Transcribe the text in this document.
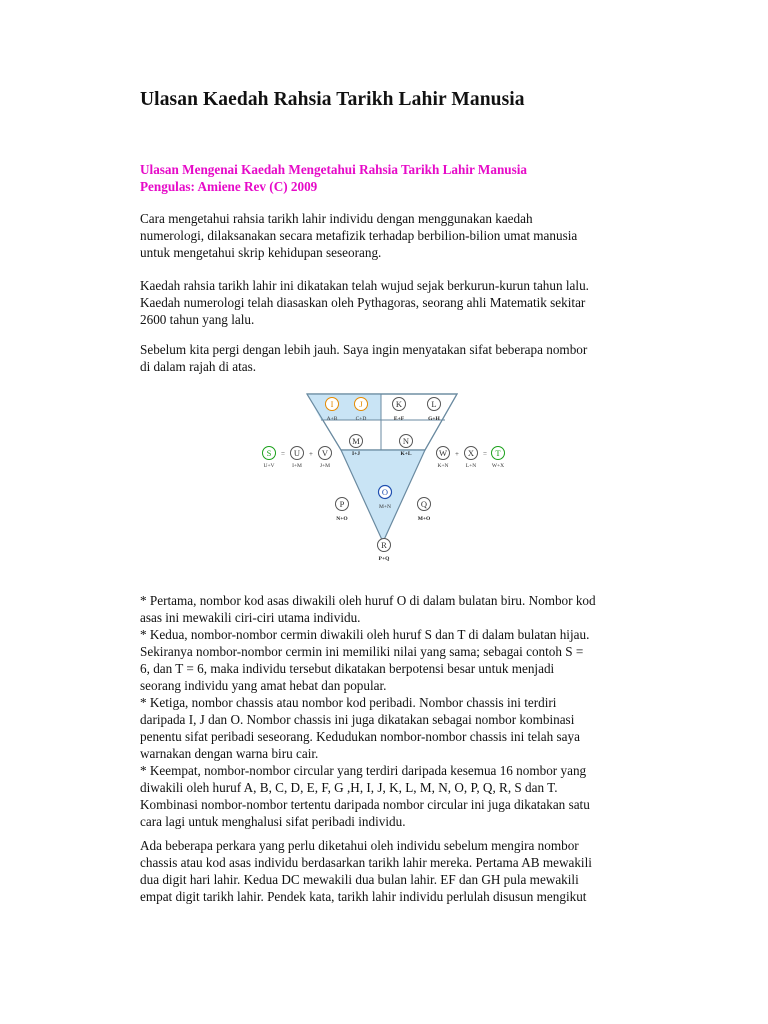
Ulasan Kaedah Rahsia Tarikh Lahir Manusia

Ulasan Mengenai Kaedah Mengetahui Rahsia Tarikh Lahir Manusia
Pengulas: Amiene Rev (C) 2009

Cara mengetahui rahsia tarikh lahir individu dengan menggunakan kaedah
numerologi, dilaksanakan secara metafizik terhadap berbilion-bilion umat manusia
untuk mengetahui skrip kehidupan seseorang.

Kaedah rahsia tarikh lahir ini dikatakan telah wujud sejak berkurun-kurun tahun lalu.
Kaedah numerologi telah diasaskan oleh Pythagoras, seorang ahli Matematik sekitar
2600 tahun yang lalu.

Sebelum kita pergi dengan lebih jauh. Saya ingin menyatakan sifat beberapa nombor
di dalam rajah di atas.

* Pertama, nombor kod asas diwakili oleh huruf O di dalam bulatan biru. Nombor kod
asas ini mewakili ciri-ciri utama individu.
* Kedua, nombor-nombor cermin diwakili oleh huruf S dan T di dalam bulatan hijau.
Sekiranya nombor-nombor cermin ini memiliki nilai yang sama; sebagai contoh S =
6, dan T = 6, maka individu tersebut dikatakan berpotensi besar untuk menjadi
seorang individu yang amat hebat dan popular.
* Ketiga, nombor chassis atau nombor kod peribadi. Nombor chassis ini terdiri
daripada I, J dan O. Nombor chassis ini juga dikatakan sebagai nombor kombinasi
penentu sifat peribadi seseorang. Kedudukan nombor-nombor chassis ini telah saya
warnakan dengan warna biru cair.
* Keempat, nombor-nombor circular yang terdiri daripada kesemua 16 nombor yang
diwakili oleh huruf A, B, C, D, E, F, G ,H, I, J, K, L, M, N, O, P, Q, R, S dan T.
Kombinasi nombor-nombor tertentu daripada nombor circular ini juga dikatakan satu
cara lagi untuk menghalusi sifat peribadi individu.

Ada beberapa perkara yang perlu diketahui oleh individu sebelum mengira nombor
chassis atau kod asas individu berdasarkan tarikh lahir mereka. Pertama AB mewakili
dua digit hari lahir. Kedua DC mewakili dua bulan lahir. EF dan GH pula mewakili
empat digit tarikh lahir. Pendek kata, tarikh lahir individu perlulah disusun mengikut

I
A+B
J
C+D
K
E+F
L
G+H
M
I+J
N
K+L
S
U+V
= U
I+M
+ V
J+M
W
K+N
+ X
L+N
= T
W+X
O
M+N
P
N+O
Q
M+O
R
P+Q
